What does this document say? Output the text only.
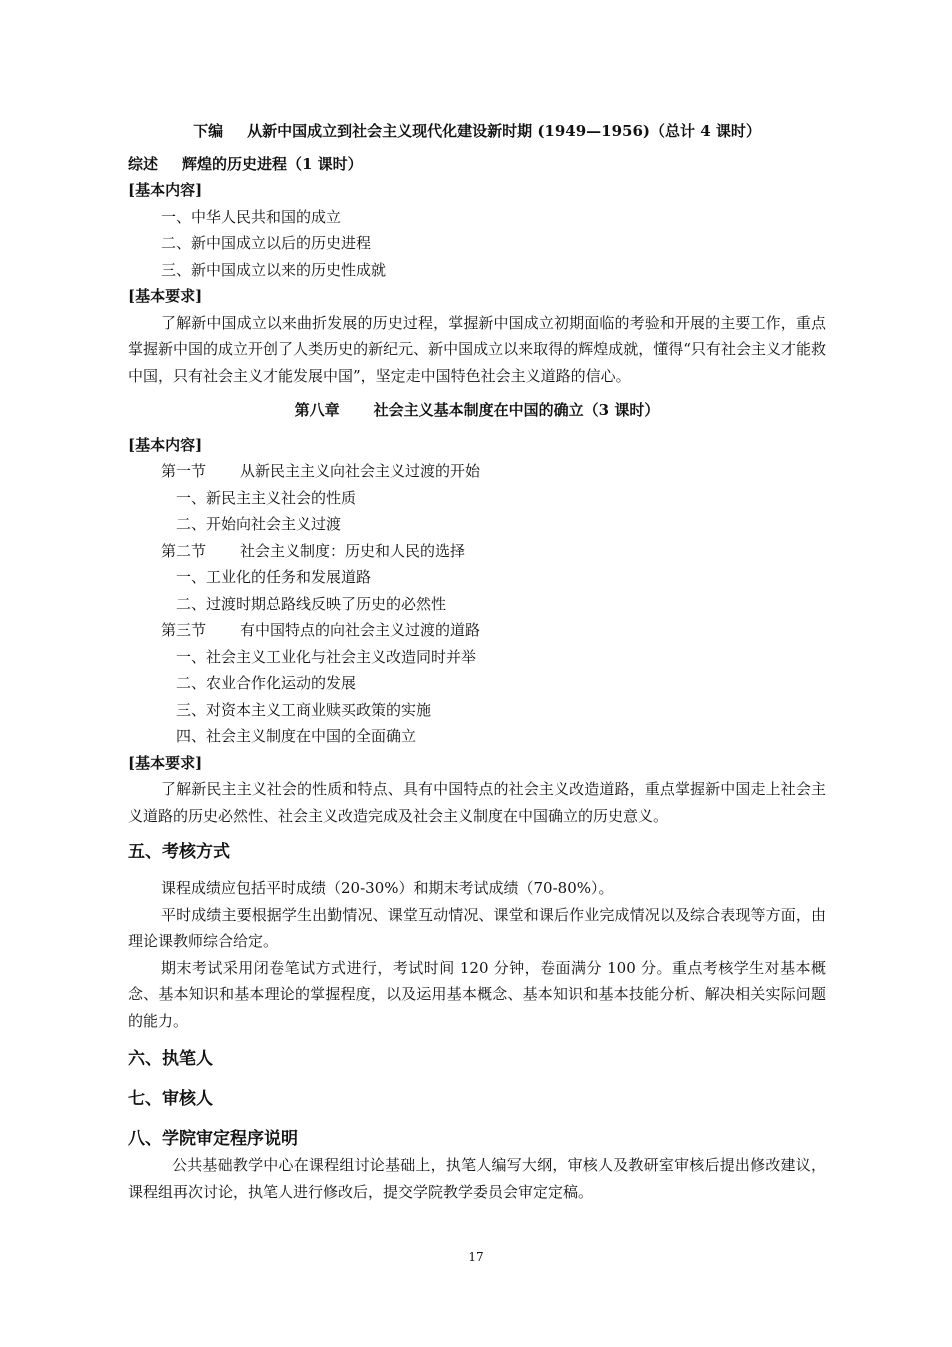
下编 从新中国成立到社会主义现代化建设新时期 (1949—1956)（总计 4 课时）
综述 辉煌的历史进程（1 课时）
[基本内容]
一、中华人民共和国的成立
二、新中国成立以后的历史进程
三、新中国成立以来的历史性成就
[基本要求]

了解新中国成立以来曲折发展的历史过程，掌握新中国成立初期面临的考验和开展的主要工作，重点掌握新中国的成立开创了人类历史的新纪元、新中国成立以来取得的辉煌成就，懂得“只有社会主义才能救中国，只有社会主义才能发展中国”，坚定走中国特色社会主义道路的信心。

第八章 社会主义基本制度在中国的确立（3 课时）
[基本内容]
第一节 从新民主主义向社会主义过渡的开始
一、新民主主义社会的性质
二、开始向社会主义过渡
第二节 社会主义制度：历史和人民的选择
一、工业化的任务和发展道路
二、过渡时期总路线反映了历史的必然性
第三节 有中国特点的向社会主义过渡的道路
一、社会主义工业化与社会主义改造同时并举
二、农业合作化运动的发展
三、对资本主义工商业赎买政策的实施
四、社会主义制度在中国的全面确立
[基本要求]

了解新民主主义社会的性质和特点、具有中国特点的社会主义改造道路，重点掌握新中国走上社会主义道路的历史必然性、社会主义改造完成及社会主义制度在中国确立的历史意义。

五、考核方式

课程成绩应包括平时成绩（20-30%）和期末考试成绩（70-80%）。

平时成绩主要根据学生出勤情况、课堂互动情况、课堂和课后作业完成情况以及综合表现等方面，由理论课教师综合给定。

期末考试采用闭卷笔试方式进行，考试时间 120 分钟，卷面满分 100 分。重点考核学生对基本概念、基本知识和基本理论的掌握程度，以及运用基本概念、基本知识和基本技能分析、解决相关实际问题的能力。

六、执笔人
七、审核人
八、学院审定程序说明

公共基础教学中心在课程组讨论基础上，执笔人编写大纲，审核人及教研室审核后提出修改建议，课程组再次讨论，执笔人进行修改后，提交学院教学委员会审定定稿。

17
